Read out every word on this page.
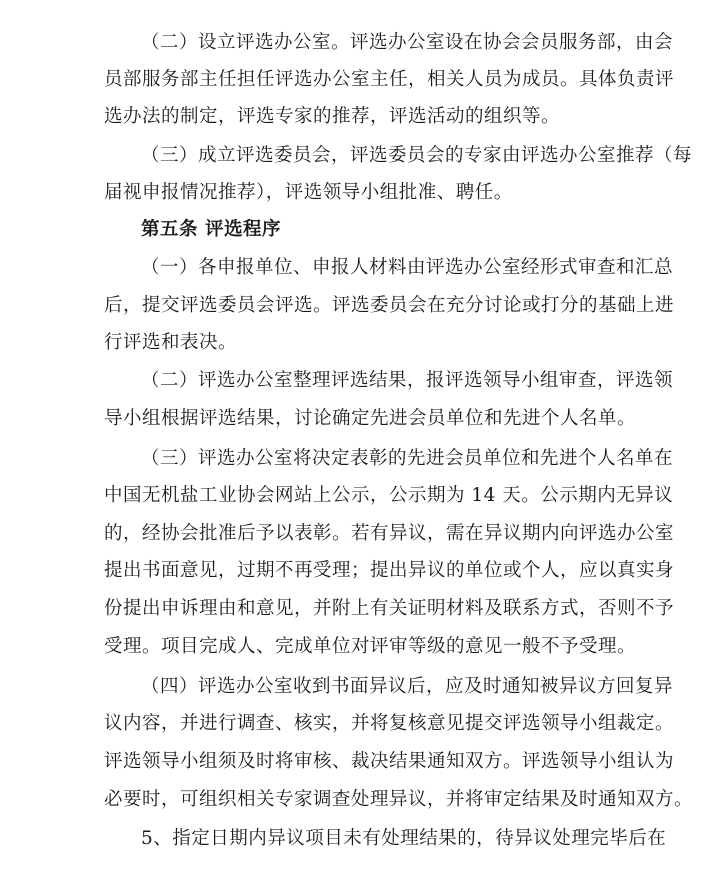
（二）设立评选办公室。评选办公室设在协会会员服务部，由会
员部服务部主任担任评选办公室主任，相关人员为成员。具体负责评
选办法的制定，评选专家的推荐，评选活动的组织等。
（三）成立评选委员会，评选委员会的专家由评选办公室推荐（每
届视申报情况推荐），评选领导小组批准、聘任。
第五条 评选程序
（一）各申报单位、申报人材料由评选办公室经形式审查和汇总
后，提交评选委员会评选。评选委员会在充分讨论或打分的基础上进
行评选和表决。
（二）评选办公室整理评选结果，报评选领导小组审查，评选领
导小组根据评选结果，讨论确定先进会员单位和先进个人名单。
（三）评选办公室将决定表彰的先进会员单位和先进个人名单在
中国无机盐工业协会网站上公示，公示期为 14 天。公示期内无异议
的，经协会批准后予以表彰。若有异议，需在异议期内向评选办公室
提出书面意见，过期不再受理；提出异议的单位或个人，应以真实身
份提出申诉理由和意见，并附上有关证明材料及联系方式，否则不予
受理。项目完成人、完成单位对评审等级的意见一般不予受理。
（四）评选办公室收到书面异议后，应及时通知被异议方回复异
议内容，并进行调查、核实，并将复核意见提交评选领导小组裁定。
评选领导小组须及时将审核、裁决结果通知双方。评选领导小组认为
必要时，可组织相关专家调查处理异议，并将审定结果及时通知双方。
5、指定日期内异议项目未有处理结果的，待异议处理完毕后在
